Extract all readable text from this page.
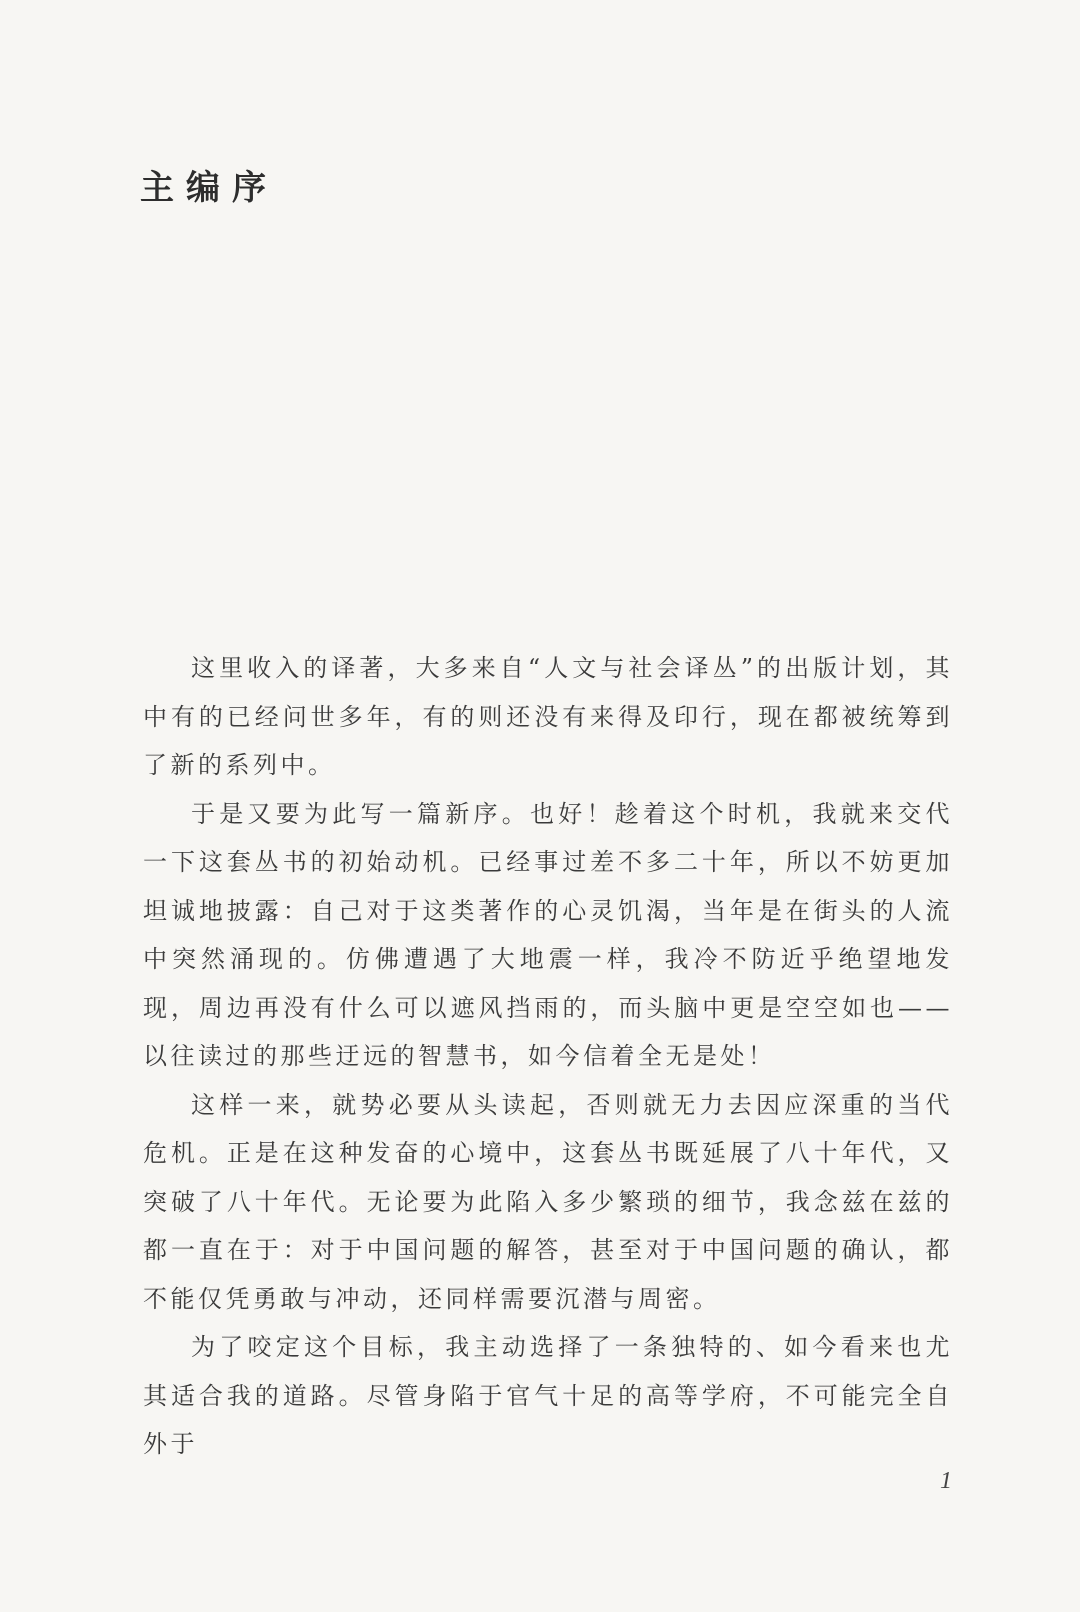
主编序

这里收入的译著，大多来自“人文与社会译丛”的出版计划，其中有的已经问世多年，有的则还没有来得及印行，现在都被统筹到了新的系列中。

于是又要为此写一篇新序。也好！趁着这个时机，我就来交代一下这套丛书的初始动机。已经事过差不多二十年，所以不妨更加坦诚地披露：自己对于这类著作的心灵饥渴，当年是在街头的人流中突然涌现的。仿佛遭遇了大地震一样，我冷不防近乎绝望地发现，周边再没有什么可以遮风挡雨的，而头脑中更是空空如也——以往读过的那些迂远的智慧书，如今信着全无是处！

这样一来，就势必要从头读起，否则就无力去因应深重的当代危机。正是在这种发奋的心境中，这套丛书既延展了八十年代，又突破了八十年代。无论要为此陷入多少繁琐的细节，我念兹在兹的都一直在于：对于中国问题的解答，甚至对于中国问题的确认，都不能仅凭勇敢与冲动，还同样需要沉潜与周密。

为了咬定这个目标，我主动选择了一条独特的、如今看来也尤其适合我的道路。尽管身陷于官气十足的高等学府，不可能完全自外于

1
